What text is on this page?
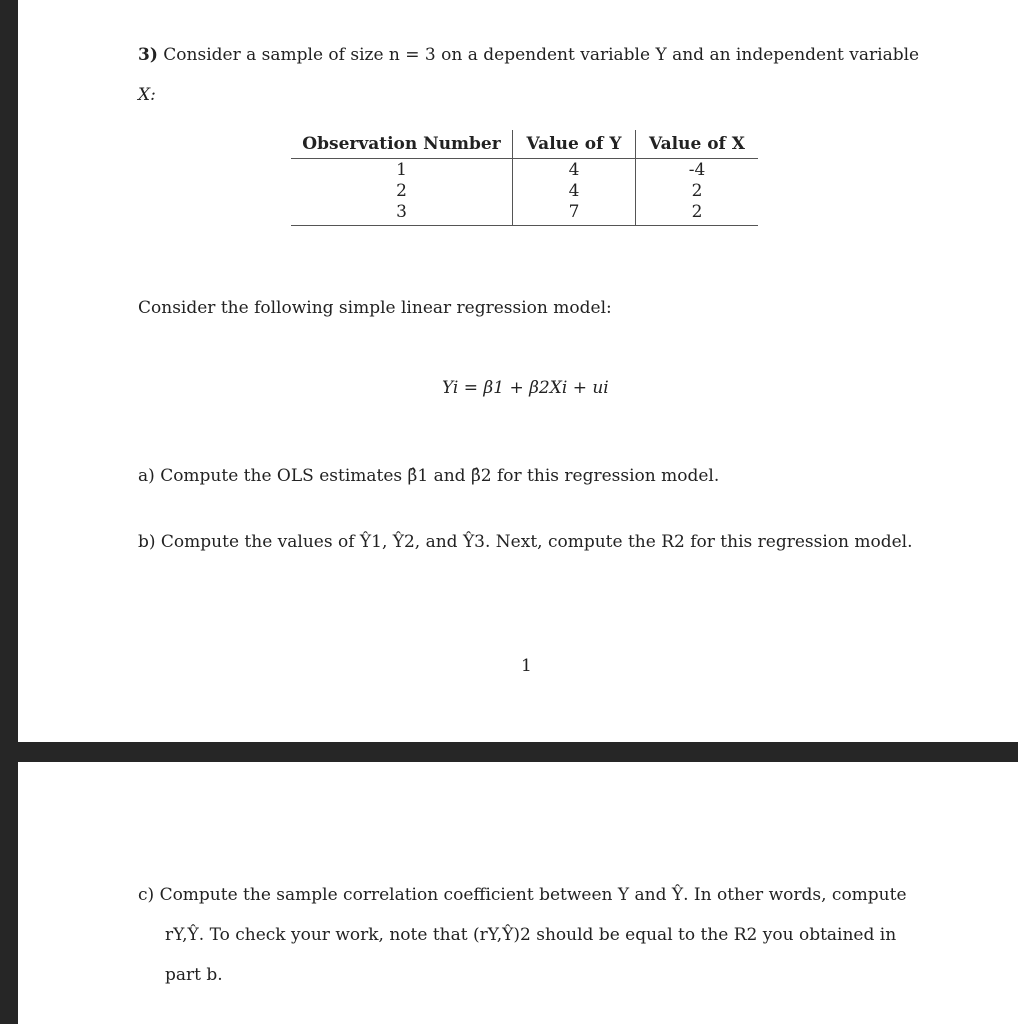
3) Consider a sample of size n = 3 on a dependent variable Y and an independent variable
X:
Observation Number	Value of Y	Value of X
1	4	-4
2	4	2
3	7	2
Consider the following simple linear regression model:
Yi = β1 + β2Xi + ui
a) Compute the OLS estimates β̂1 and β̂2 for this regression model.
b) Compute the values of Ŷ1, Ŷ2, and Ŷ3. Next, compute the R2 for this regression model.
1
c) Compute the sample correlation coefficient between Y and Ŷ. In other words, compute
rY,Ŷ. To check your work, note that (rY,Ŷ)2 should be equal to the R2 you obtained in
part b.
